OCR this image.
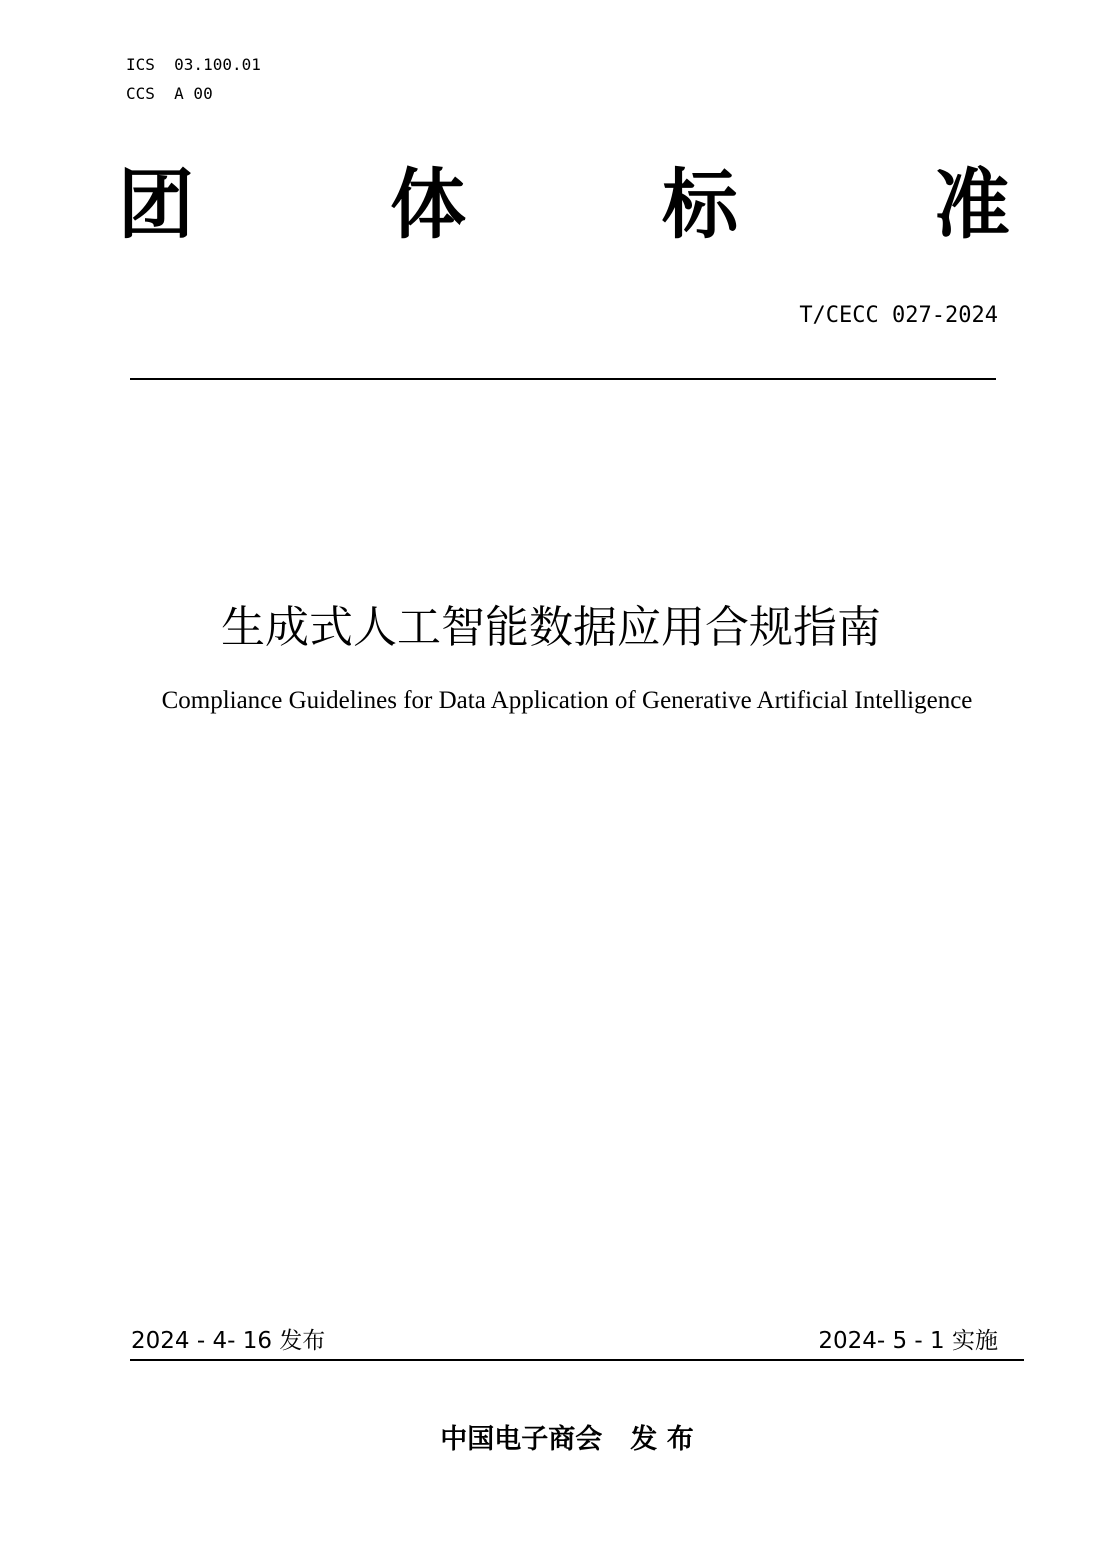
ICS  03.100.01
CCS  A 00
团	体	标	准
T/CECC 027-2024
生成式人工智能数据应用合规指南
Compliance Guidelines for Data Application of Generative Artificial Intelligence
2024 - 4- 16 发布	2024- 5 - 1 实施
中国电子商会 发 布
